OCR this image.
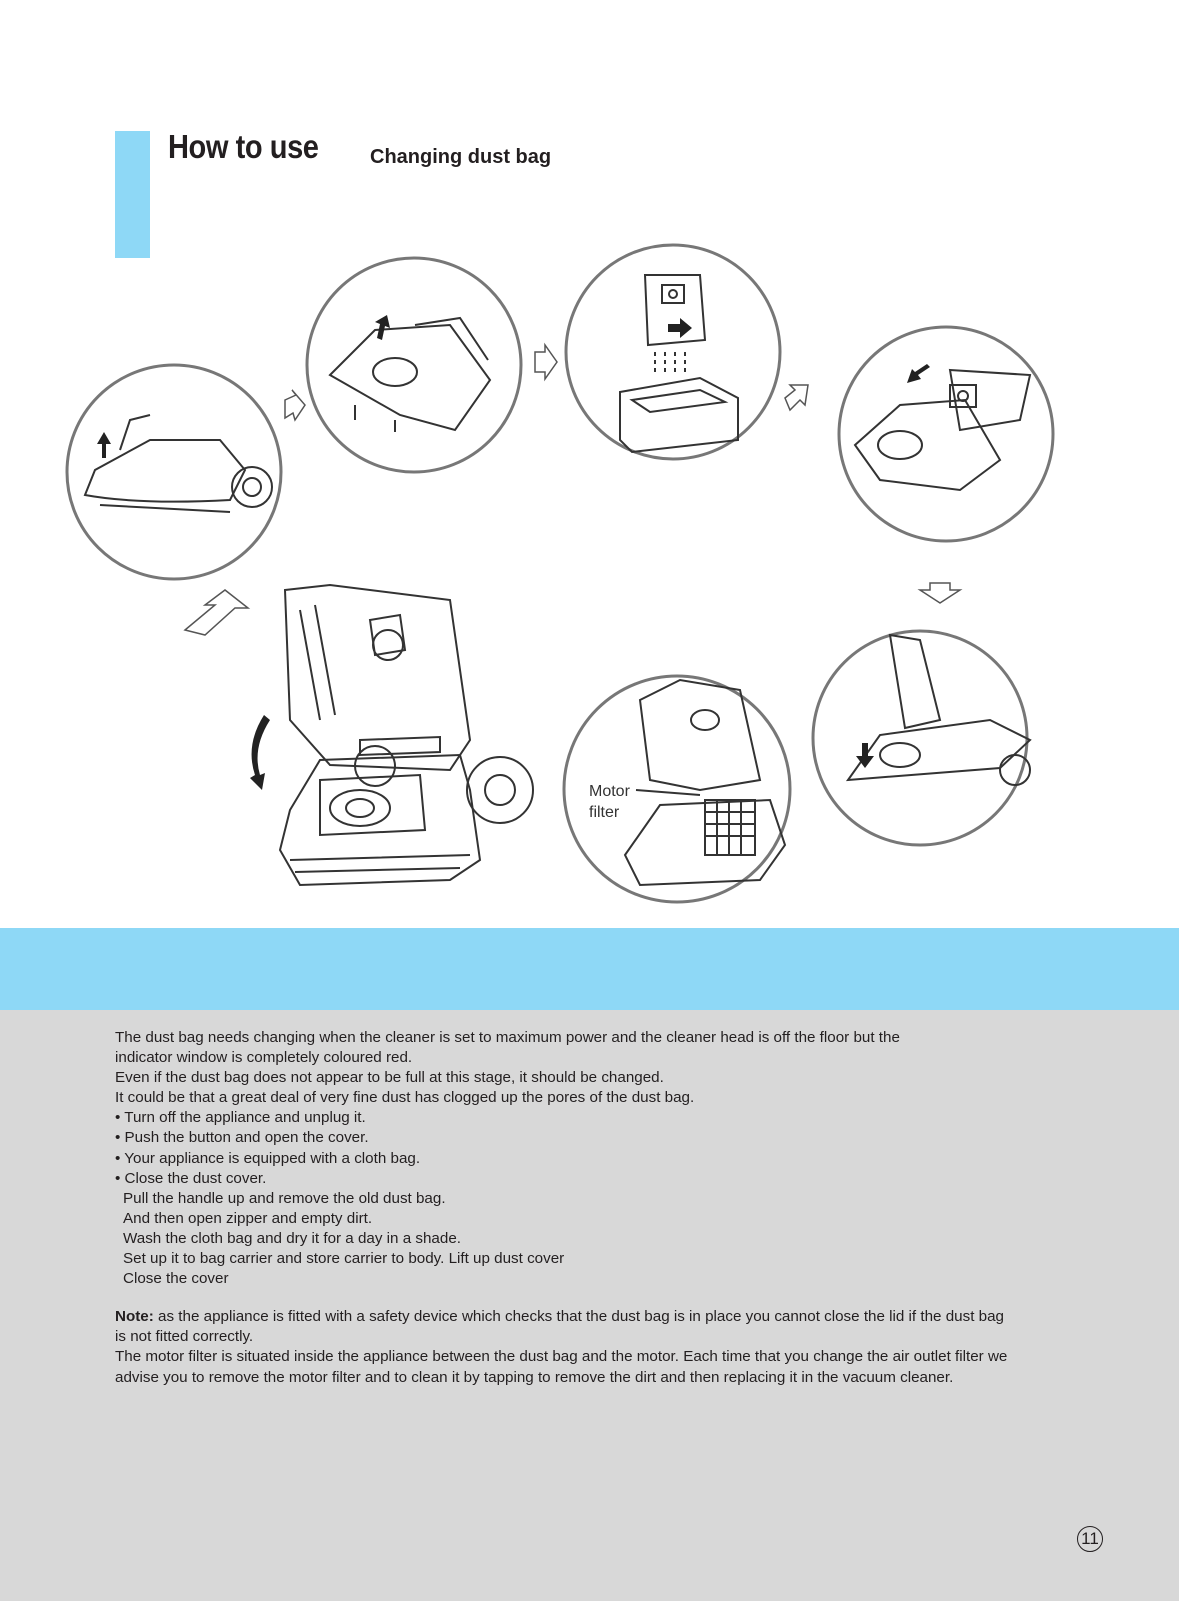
How to use	Changing dust bag
Motor
filter

The dust bag needs changing when the cleaner is set to maximum power and the cleaner head is off the floor but the

indicator window is completely coloured red.

Even if the dust bag does not appear to be full at this stage, it should be changed.

It could be that a great deal of very fine dust has clogged up the pores of the dust bag.

• Turn off the appliance and unplug it.

• Push the button and open the cover.

• Your appliance is equipped with a cloth bag.

• Close the dust cover.

Pull the handle up and remove the old dust bag.

And then open zipper and empty dirt.

Wash the cloth bag and dry it for a day in a shade.

Set up it to bag carrier and store carrier to body. Lift up dust cover

Close the cover

Note: as the appliance is fitted with a safety device which checks that the dust bag is in place you cannot close the lid if the dust bag

is not fitted correctly.

The motor filter is situated inside the appliance between the dust bag and the motor. Each time that you change the air outlet filter we

advise you to remove the motor filter and to clean it by tapping to remove the dirt and then replacing it in the vacuum cleaner.

11
